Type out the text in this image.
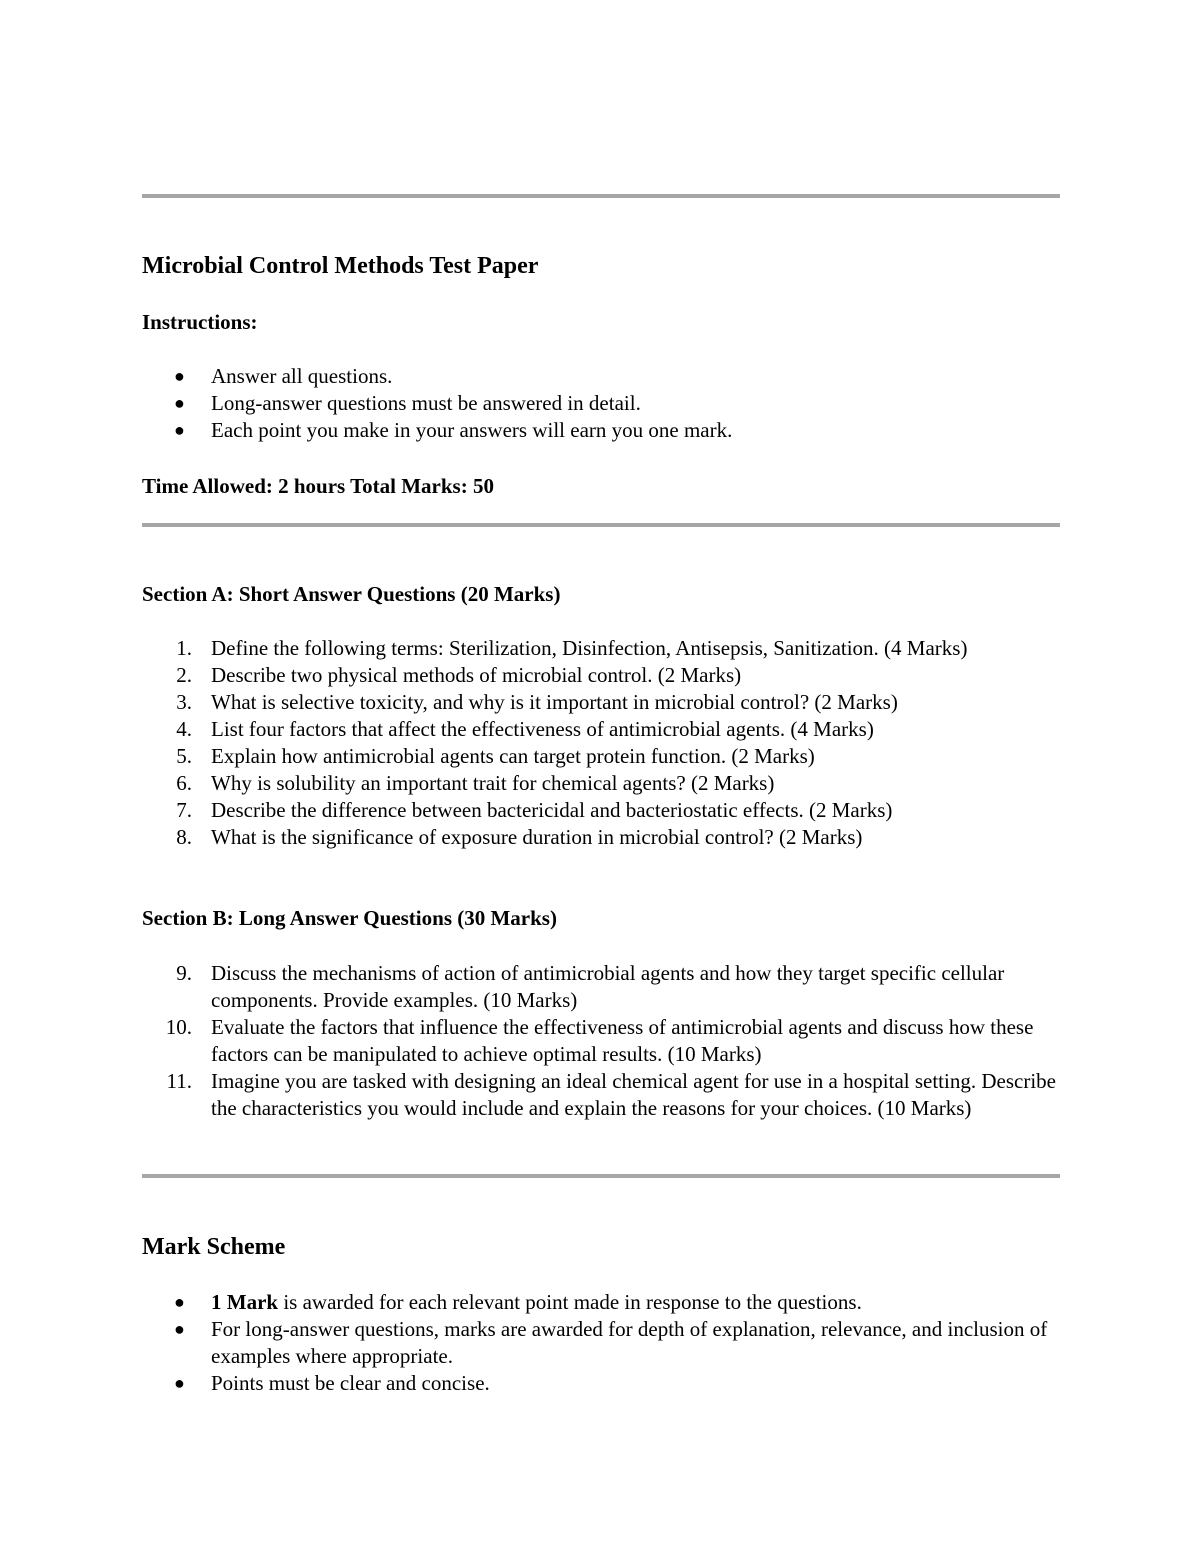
Microbial Control Methods Test Paper
Instructions:
● Answer all questions.
● Long-answer questions must be answered in detail.
● Each point you make in your answers will earn you one mark.
Time Allowed: 2 hours Total Marks: 50
Section A: Short Answer Questions (20 Marks)
1. Define the following terms: Sterilization, Disinfection, Antisepsis, Sanitization. (4 Marks)
2. Describe two physical methods of microbial control. (2 Marks)
3. What is selective toxicity, and why is it important in microbial control? (2 Marks)
4. List four factors that affect the effectiveness of antimicrobial agents. (4 Marks)
5. Explain how antimicrobial agents can target protein function. (2 Marks)
6. Why is solubility an important trait for chemical agents? (2 Marks)
7. Describe the difference between bactericidal and bacteriostatic effects. (2 Marks)
8. What is the significance of exposure duration in microbial control? (2 Marks)
Section B: Long Answer Questions (30 Marks)
9. Discuss the mechanisms of action of antimicrobial agents and how they target specific cellular components. Provide examples. (10 Marks)
10. Evaluate the factors that influence the effectiveness of antimicrobial agents and discuss how these factors can be manipulated to achieve optimal results. (10 Marks)
11. Imagine you are tasked with designing an ideal chemical agent for use in a hospital setting. Describe the characteristics you would include and explain the reasons for your choices. (10 Marks)
Mark Scheme
● 1 Mark is awarded for each relevant point made in response to the questions.
● For long-answer questions, marks are awarded for depth of explanation, relevance, and inclusion of examples where appropriate.
● Points must be clear and concise.
